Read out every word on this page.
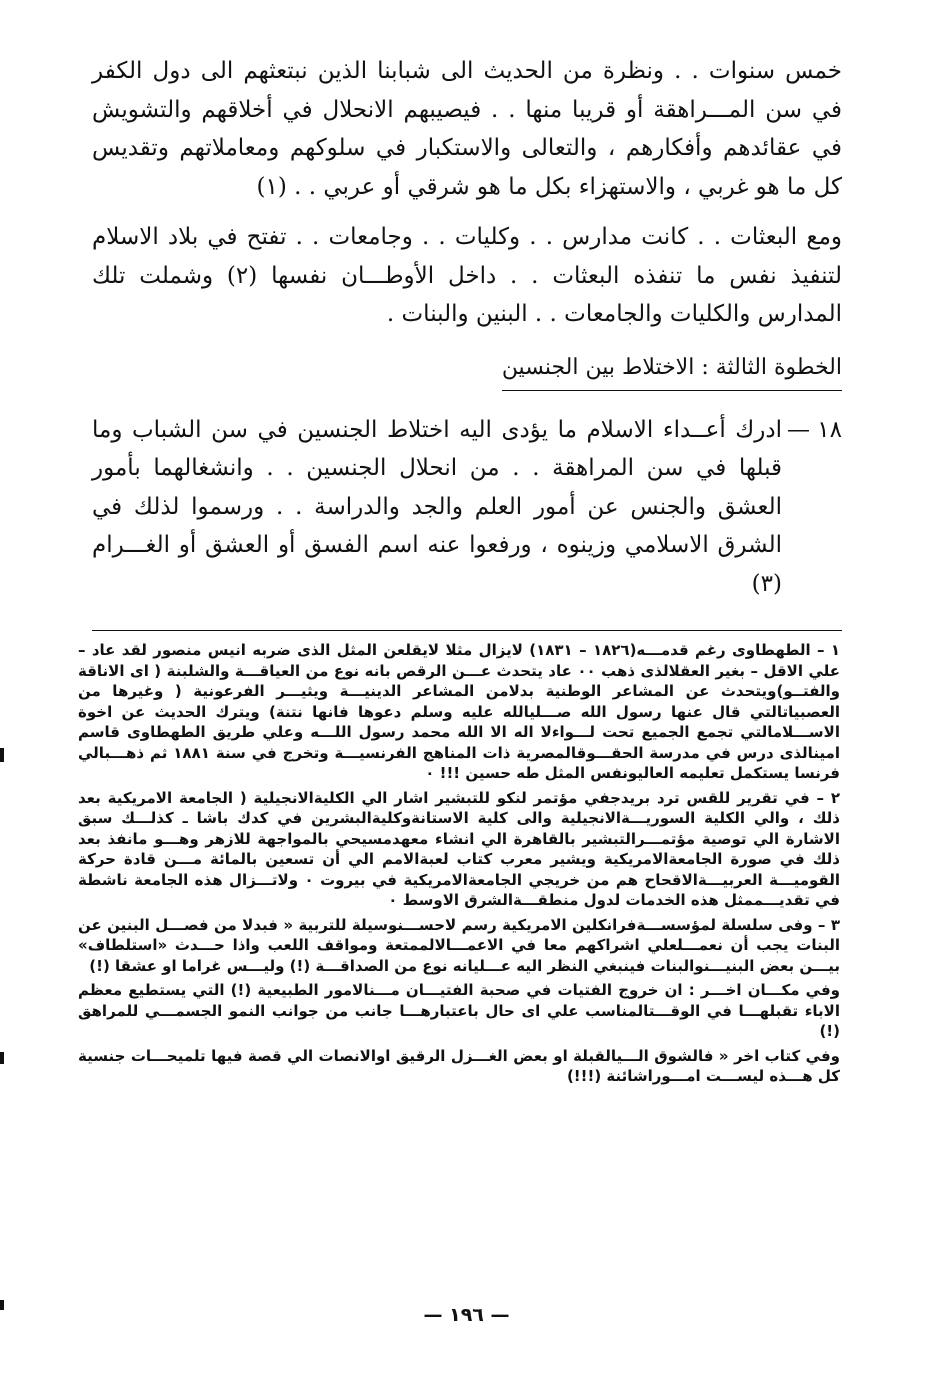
خمس سنوات . . ونظرة من الحديث الى شبابنا الذين نبتعثهم الى دول الكفر في سن المـــراهقة أو قريبا منها . . فيصيبهم الانحلال في أخلاقهم والتشويش في عقائدهم وأفكارهم ، والتعالى والاستكبار في سلوكهم ومعاملاتهم وتقديس كل ما هو غربي ، والاستهزاء بكل ما هو شرقي أو عربي . . (١)

ومع البعثات . . كانت مدارس . . وكليات . . وجامعات . . تفتح في بلاد الاسلام لتنفيذ نفس ما تنفذه البعثات . . داخل الأوطـــان نفسها (٢) وشملت تلك المدارس والكليات والجامعات . . البنين والبنات .

الخطوة الثالثة : الاختلاط بين الجنسين

١٨ —
ادرك أعــداء الاسلام ما يؤدى اليه اختلاط الجنسين في سن الشباب وما قبلها في سن المراهقة . . من انحلال الجنسين . . وانشغالهما بأمور العشق والجنس عن أمور العلم والجد والدراسة . . ورسموا لذلك في الشرق الاسلامي وزينوه ، ورفعوا عنه اسم الفسق أو العشق أو الغـــرام (٣)

١ – الطهطاوى رغم قدمـــه(١٨٢٦ – ١٨٣١) لايزال مثلا لايقلعن المثل الذى ضربه انيس منصور لقد عاد – علي الاقل – بغير العقلالذى ذهب ٠٠ عاد يتحدث عـــن الرقص بانه نوع من العياقـــة والشلبنة ( اى الاناقة والفتــو)ويتحدث عن المشاعر الوطنية بدلامن المشاعر الدينيـــة ويثيـــر الفرعونية ( وغيرها من العصبياتالتي قال عنها رسول الله صـــليالله عليه وسلم دعوها فانها نتنة) ويترك الحديث عن اخوة الاســـلامالتي تجمع الجميع تحت لـــواءلا اله الا الله محمد رسول اللـــه وعلي طريق الطهطاوى قاسم امينالذى درس في مدرسة الحقـــوقالمصرية ذات المناهج الفرنسيـــة وتخرج في سنة ١٨٨١ ثم ذهـــبالي فرنسا يستكمل تعليمه العاليونفس المثل طه حسين !!! ٠

٢ – في تقرير للقس ترد بريدجفي مؤتمر لنكو للتبشير اشار الي الكليةالانجيلية ( الجامعة الامريكية بعد ذلك ، والي الكلية السوريـــةالانجيلية والى كلية الاستانةوكليةالبشرين في كدك باشا ـ كذلـــك سبق الاشارة الي توصية مؤتمـــرالتبشير بالقاهرة الي انشاء معهدمسيحي بالمواجهة للازهر وهـــو مانفذ بعد ذلك في صورة الجامعةالامريكية ويشير معرب كتاب لعبةالامم الي أن تسعين بالمائة مـــن قادة حركة القوميـــة العربيـــةالاقحاح هم من خريجي الجامعةالامريكية في بيروت ٠ ولاتـــزال هذه الجامعة ناشطة في تقديـــممثل هذه الخدمات لدول منطقـــةالشرق الاوسط ٠

٣ – وفى سلسلة لمؤسســـةفرانكلين الامريكية رسم لاحســـنوسيلة للتربية « فبدلا من فصـــل البنين عن البنات يجب أن نعمـــلعلي اشراكهم معا في الاعمـــالالممتعة ومواقف اللعب واذا حـــدث «استلطاف» بيـــن بعض البنيـــنوالبنات فينبغي النظر اليه عـــليانه نوع من الصداقـــة (!) وليـــس غراما او عشقا (!)

وفي مكـــان اخـــر : ان خروج الفتيات في صحبة الفتيـــان مـــنالامور الطبيعية (!) التي يستطيع معظم الاباء تقبلهـــا في الوقـــتالمناسب علي اى حال باعتبارهـــا جانب من جوانب النمو الجسمـــي للمراهق (!)

وفي كتاب اخر « فالشوق الـــيالقبلة او بعض الغـــزل الرقيق اوالانصات الي قصة فيها تلميحـــات جنسية كل هـــذه ليســـت امـــوراشائنة (!!!)

— ١٩٦ —
